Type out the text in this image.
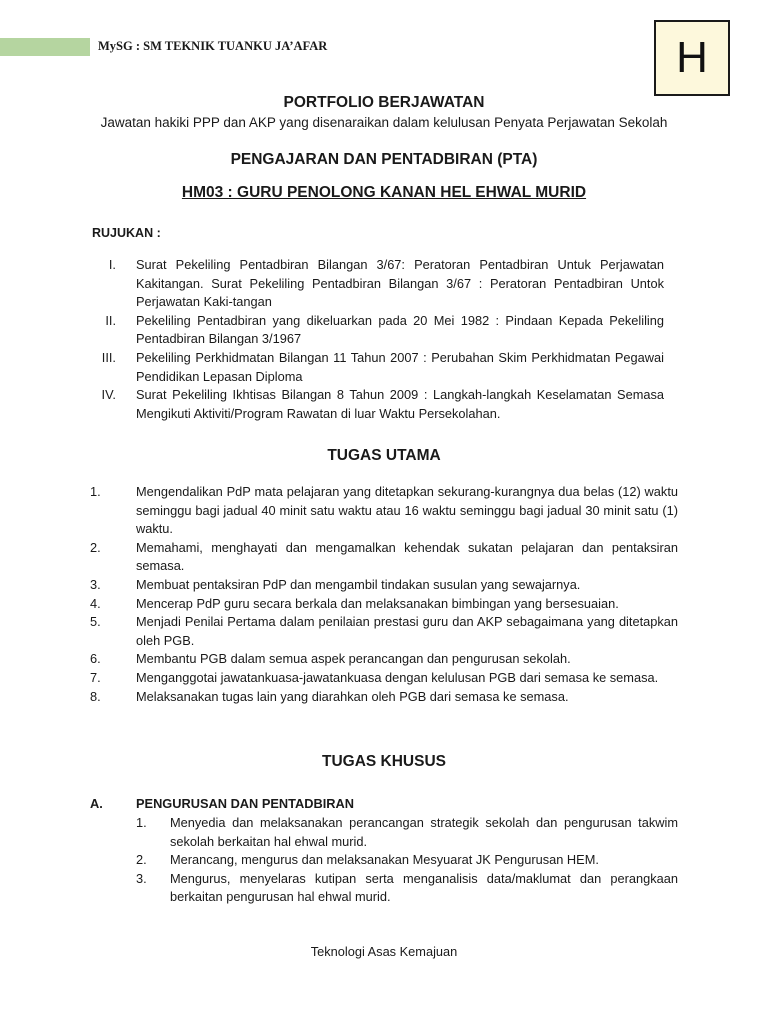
MySG : SM TEKNIK TUANKU JA’AFAR	H
PORTFOLIO BERJAWATAN
Jawatan hakiki PPP dan AKP yang disenaraikan dalam kelulusan Penyata Perjawatan Sekolah
PENGAJARAN DAN PENTADBIRAN (PTA)
HM03 : GURU PENOLONG KANAN HEL EHWAL MURID
RUJUKAN :
I. Surat Pekeliling Pentadbiran Bilangan 3/67: Peratoran Pentadbiran Untuk Perjawatan Kakitangan. Surat Pekeliling Pentadbiran Bilangan 3/67 : Peratoran Pentadbiran Untok Perjawatan Kaki-tangan
II. Pekeliling Pentadbiran yang dikeluarkan pada 20 Mei 1982 : Pindaan Kepada Pekeliling Pentadbiran Bilangan 3/1967
III. Pekeliling Perkhidmatan Bilangan 11 Tahun 2007 : Perubahan Skim Perkhidmatan Pegawai Pendidikan Lepasan Diploma
IV. Surat Pekeliling Ikhtisas Bilangan 8 Tahun 2009 : Langkah-langkah Keselamatan Semasa Mengikuti Aktiviti/Program Rawatan di luar Waktu Persekolahan.
TUGAS UTAMA
1.	Mengendalikan PdP mata pelajaran yang ditetapkan sekurang-kurangnya dua belas (12) waktu seminggu bagi jadual 40 minit satu waktu atau 16 waktu seminggu bagi jadual 30 minit satu (1) waktu.
2.	Memahami, menghayati dan mengamalkan kehendak sukatan pelajaran dan pentaksiran semasa.
3.	Membuat pentaksiran PdP dan mengambil tindakan susulan yang sewajarnya.
4.	Mencerap PdP guru secara berkala dan melaksanakan bimbingan yang bersesuaian.
5.	Menjadi Penilai Pertama dalam penilaian prestasi guru dan AKP sebagaimana yang ditetapkan oleh PGB.
6.	Membantu PGB dalam semua aspek perancangan dan pengurusan sekolah.
7.	Menganggotai jawatankuasa-jawatankuasa dengan kelulusan PGB dari semasa ke semasa.
8.	Melaksanakan tugas lain yang diarahkan oleh PGB dari semasa ke semasa.
TUGAS KHUSUS
A.	PENGURUSAN DAN PENTADBIRAN
1. Menyedia dan melaksanakan perancangan strategik sekolah dan pengurusan takwim sekolah berkaitan hal ehwal murid.
2. Merancang, mengurus dan melaksanakan Mesyuarat JK Pengurusan HEM.
3. Mengurus, menyelaras kutipan serta menganalisis data/maklumat dan perangkaan berkaitan pengurusan hal ehwal murid.
Teknologi Asas Kemajuan
